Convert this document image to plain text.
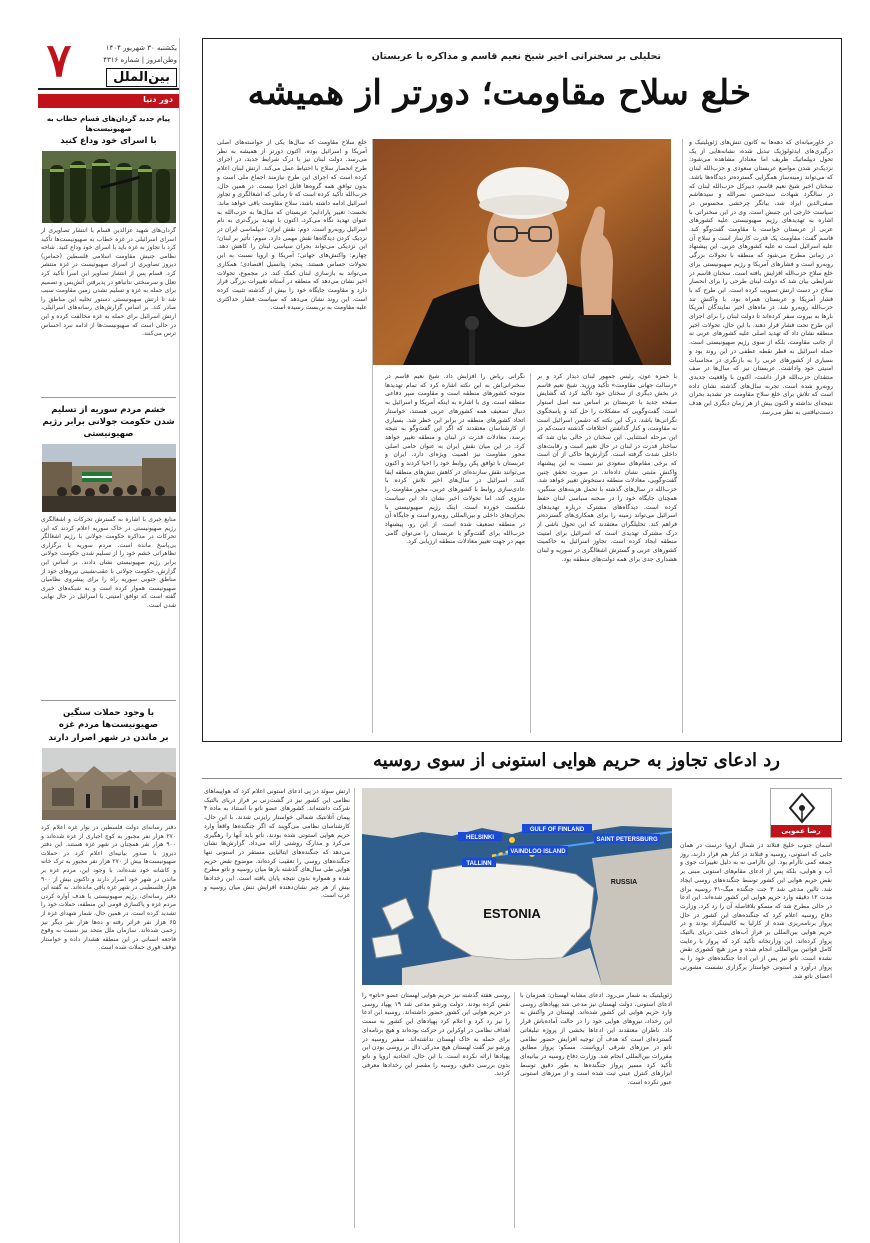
۷	یکشنبه ۳۰ شهریور ۱۴۰۴
وطن‌امروز | شماره ۴۳۱۶
بین‌الملل
دور دنیا
پیام جدید گردان‌های قسام خطاب به صهیونیست‌ها
با اسرای خود وداع کنید
گردان‌های شهید عزالدین قسام با انتشار تصاویری از اسرای اسرائیلی در غزه خطاب به صهیونیست‌ها تأکید کرد با تجاوز به غزه باید با اسرای خود وداع کنید. شاخه نظامی جنبش مقاومت اسلامی فلسطین (حماس) دیروز تصاویری از اسرای صهیونیست در غزه منتشر کرد. قسام پس از انتشار تصاویر این اسرا تأکید کرد تعلل و سرسختی نتانیاهو در پذیرفتن آتش‌بس و تصمیم برای حمله به غزه و تسلیم نشدن زمین مقاومت سبب شد تا ارتش صهیونیستی دستور تخلیه این مناطق را صادر کند. بر اساس گزارش‌های رسانه‌های اسرائیلی، ارتش اسرائیل برای حمله به غزه مخالفت کرده و این در حالی است که صهیونیست‌ها از ادامه نبرد احساس ترس می‌کنند.
خشم مردم سوریه از تسلیم شدن حکومت جولانی برابر رژیم صهیونیستی
منابع خبری با اشاره به گسترش تحرکات و اشغالگری رژیم صهیونیستی در خاک سوریه اعلام کردند که این تحرکات در مذاکره حکومت جولانی با رژیم اشغالگر بی‌پاسخ مانده است. مردم سوریه با برگزاری تظاهراتی خشم خود را از تسلیم شدن حکومت جولانی برابر رژیم صهیونیستی نشان دادند. بر اساس این گزارش، حکومت جولانی با عقب‌نشینی نیروهای خود از مناطق جنوبی سوریه راه را برای پیشروی نظامیان صهیونیست هموار کرده است و به شبکه‌های خبری گفته است که توافق امنیتی با اسرائیل در حال نهایی شدن است.
با وجود حملات سنگین صهیونیست‌ها مردم غزه
بر ماندن در شهر اصرار دارند
دفتر رسانه‌ای دولت فلسطین در نوار غزه اعلام کرد ۲۷۰ هزار نفر مجبور به کوچ اجباری از غزه شده‌اند و ۹۰۰ هزار نفر همچنان در شهر غزه هستند. این دفتر دیروز با صدور بیانیه‌ای اعلام کرد در حملات صهیونیست‌ها بیش از ۲۷۰ هزار نفر مجبور به ترک خانه و کاشانه خود شده‌اند. با وجود این، مردم غزه بر ماندن در شهر خود اصرار دارند و تاکنون بیش از ۹۰۰ هزار فلسطینی در شهر غزه باقی مانده‌اند. به گفته این دفتر رسانه‌ای، رژیم صهیونیستی با هدف آواره کردن مردم غزه و پاکسازی قومی این منطقه، حملات خود را تشدید کرده است. در همین حال، شمار شهدای غزه از ۶۵ هزار نفر فراتر رفته و ده‌ها هزار نفر دیگر نیز زخمی شده‌اند. سازمان ملل متحد نیز نسبت به وقوع فاجعه انسانی در این منطقه هشدار داده و خواستار توقف فوری حملات شده است.
تحلیلی بر سخنرانی اخیر شیخ نعیم قاسم و مذاکره با عربستان
خلع سلاح مقاومت؛ دورتر از همیشه
در خاورمیانه‌ای که دهه‌ها به کانون تنش‌های ژئوپلیتیک و درگیری‌های ایدئولوژیک تبدیل شده، نشانه‌هایی از یک تحول دیپلماتیک ظریف اما معنادار مشاهده می‌شود: نزدیک‌تر شدن مواضع عربستان سعودی و حزب‌الله لبنان که می‌تواند زمینه‌ساز همگرایی گسترده‌تر دیدگاه‌ها باشد. سخنان اخیر شیخ نعیم قاسم، دبیرکل حزب‌الله لبنان که در سالگرد شهادت سیدحسن نصرالله و سیدهاشم صفی‌الدین ایراد شد، بیانگر چرخشی محسوس در سیاست خارجی این جنبش است. وی در این سخنرانی با اشاره به تهدیدهای رژیم صهیونیستی علیه کشورهای عربی از عربستان خواست با مقاومت گفت‌وگو کند. قاسم گفت: مقاومت یک قدرت کارساز است و سلاح آن علیه اسرائیل است نه علیه کشورهای عربی. این پیشنهاد در زمانی مطرح می‌شود که منطقه با تحولات بزرگی روبه‌رو است و فشارهای آمریکا و رژیم صهیونیستی برای خلع سلاح حزب‌الله افزایش یافته است. سخنان قاسم در شرایطی بیان شد که دولت لبنان طرحی را برای انحصار سلاح در دست ارتش تصویب کرده است. این طرح که با فشار آمریکا و عربستان همراه بود، با واکنش تند حزب‌الله روبه‌رو شد. در ماه‌های اخیر نمایندگان آمریکا بارها به بیروت سفر کرده‌اند تا دولت لبنان را برای اجرای این طرح تحت فشار قرار دهند. با این حال، تحولات اخیر منطقه نشان داد که تهدید اصلی علیه کشورهای عربی نه از جانب مقاومت، بلکه از سوی رژیم صهیونیستی است. حمله اسرائیل به قطر نقطه عطفی در این روند بود و بسیاری از کشورهای عربی را به بازنگری در محاسبات امنیتی خود واداشت. عربستان نیز که سال‌ها در صف منتقدان حزب‌الله قرار داشت، اکنون با واقعیت جدیدی روبه‌رو شده است. تجربه سال‌های گذشته نشان داده است که تلاش برای خلع سلاح مقاومت جز تشدید بحران نتیجه‌ای نداشته و اکنون بیش از هر زمان دیگری این هدف دست‌نیافتنی به نظر می‌رسد.
با حمزه عون، رئیس جمهور لبنان دیدار کرد و بر «رسالت جهانی مقاومت» تأکید ورزید. شیخ نعیم قاسم در بخش دیگری از سخنان خود تأکید کرد که گشایش صفحه جدید با عربستان بر اساس سه اصل استوار است: گفت‌وگویی که مشکلات را حل کند و پاسخگوی نگرانی‌ها باشد، درک این نکته که دشمن اسرائیل است نه مقاومت، و کنار گذاشتن اختلافات گذشته دست‌کم در این مرحله استثنایی. این سخنان در حالی بیان شد که ساختار قدرت در لبنان در حال تغییر است و رقابت‌های داخلی شدت گرفته است. گزارش‌ها حاکی از آن است که برخی مقام‌های سعودی نیز نسبت به این پیشنهاد واکنش مثبتی نشان داده‌اند. در صورت تحقق چنین گفت‌وگویی، معادلات منطقه دستخوش تغییر خواهد شد. حزب‌الله در سال‌های گذشته با تحمل هزینه‌های سنگین، همچنان جایگاه خود را در صحنه سیاسی لبنان حفظ کرده است. دیدگاه‌های مشترک درباره تهدیدهای اسرائیل می‌تواند زمینه را برای همکاری‌های گسترده‌تر فراهم کند. تحلیلگران معتقدند که این تحول ناشی از درک مشترک تهدیدی است که اسرائیل برای امنیت منطقه ایجاد کرده است. تجاوز اسرائیل به حاکمیت کشورهای عربی و گسترش اشغالگری در سوریه و لبنان هشداری جدی برای همه دولت‌های منطقه بود.
نگرانی ریاض را افزایش داد. شیخ نعیم قاسم در سخنرانی‌اش به این نکته اشاره کرد که تمام تهدیدها متوجه کشورهای منطقه است و مقاومت سپر دفاعی منطقه است. وی با اشاره به اینکه آمریکا و اسرائیل به دنبال تضعیف همه کشورهای عربی هستند، خواستار اتحاد کشورهای منطقه در برابر این خطر شد. بسیاری از کارشناسان معتقدند که اگر این گفت‌وگو به نتیجه برسد، معادلات قدرت در لبنان و منطقه تغییر خواهد کرد. در این میان نقش ایران به عنوان حامی اصلی محور مقاومت نیز اهمیت ویژه‌ای دارد. ایران و عربستان با توافق پکن روابط خود را احیا کردند و اکنون می‌توانند نقش سازنده‌ای در کاهش تنش‌های منطقه ایفا کنند. اسرائیل در سال‌های اخیر تلاش کرده با عادی‌سازی روابط با کشورهای عربی، محور مقاومت را منزوی کند، اما تحولات اخیر نشان داد این سیاست شکست خورده است. اینک رژیم صهیونیستی با بحران‌های داخلی و بین‌المللی روبه‌رو است و جایگاه آن در منطقه تضعیف شده است. از این رو، پیشنهاد حزب‌الله برای گفت‌وگو با عربستان را می‌توان گامی مهم در جهت تغییر معادلات منطقه ارزیابی کرد.
خلع سلاح مقاومت که سال‌ها یکی از خواسته‌های اصلی آمریکا و اسرائیل بوده، اکنون دورتر از همیشه به نظر می‌رسد. دولت لبنان نیز با درک شرایط جدید، در اجرای طرح انحصار سلاح با احتیاط عمل می‌کند. ارتش لبنان اعلام کرده است که اجرای این طرح نیازمند اجماع ملی است و بدون توافق همه گروه‌ها قابل اجرا نیست. در همین حال، حزب‌الله تأکید کرده است که تا زمانی که اشغالگری و تجاوز اسرائیل ادامه داشته باشد، سلاح مقاومت باقی خواهد ماند. نخست: تغییر پارادایم؛ عربستان که سال‌ها به حزب‌الله به عنوان تهدید نگاه می‌کرد، اکنون با تهدید بزرگ‌تری به نام اسرائیل روبه‌رو است. دوم: نقش ایران؛ دیپلماسی ایران در نزدیک کردن دیدگاه‌ها نقش مهمی دارد. سوم: تأثیر بر لبنان؛ این نزدیکی می‌تواند بحران سیاسی لبنان را کاهش دهد. چهارم: واکنش‌های جهانی؛ آمریکا و اروپا نسبت به این تحولات حساس هستند. پنجم: پتانسیل اقتصادی؛ همکاری می‌تواند به بازسازی لبنان کمک کند. در مجموع، تحولات اخیر نشان می‌دهد که منطقه در آستانه تغییرات بزرگی قرار دارد و مقاومت جایگاه خود را بیش از گذشته تثبیت کرده است. این روند نشان می‌دهد که سیاست فشار حداکثری علیه مقاومت به بن‌بست رسیده است.
رد ادعای تجاوز به حریم هوایی استونی از سوی روسیه
رضا عمویی
آسمان جنوب خلیج فنلاند در شمال اروپا درست در همان جایی که استونی، روسیه و فنلاند در کنار هم قرار دارند، روز جمعه کمی ناآرام بود. این ناآرامی نه به دلیل تغییرات جوی و آب و هوایی، بلکه پس از ادعای مقام‌های استونی مبنی بر نقض حریم هوایی این کشور توسط جنگنده‌های روسی ایجاد شد. تالین مدعی شد ۳ جت جنگنده میگ-۳۱ روسیه برای مدت ۱۲ دقیقه وارد حریم هوایی این کشور شده‌اند. این ادعا در حالی مطرح شد که مسکو بلافاصله آن را رد کرد. وزارت دفاع روسیه اعلام کرد که جنگنده‌های این کشور در حال پرواز برنامه‌ریزی شده از کارلیا به کالینینگراد بودند و در حریم هوایی بین‌المللی بر فراز آب‌های خنثی دریای بالتیک پرواز کرده‌اند. این وزارتخانه تأکید کرد که پرواز با رعایت کامل قوانین بین‌المللی انجام شده و مرز هیچ کشوری نقض نشده است. ناتو نیز پس از این ادعا جنگنده‌های خود را به پرواز درآورد و استونی خواستار برگزاری نشست مشورتی اعضای ناتو شد.
ESTONIA
HELSINKI
GULF OF FINLAND
VAINDLOO ISLAND
SAINT PETERSBURG
TALLINN
RUSSIA
ژئوپلیتیک به شمار می‌رود. ادعای مشابه لهستان: همزمان با ادعای استونی، دولت لهستان نیز مدعی شد پهپادهای روسی وارد حریم هوایی این کشور شده‌اند. لهستان در واکنش به این رخداد، نیروهای هوایی خود را در حالت آماده‌باش قرار داد. ناظران معتقدند این ادعاها بخشی از پروژه تبلیغاتی گسترده‌ای است که هدف آن توجیه افزایش حضور نظامی ناتو در مرزهای شرقی اروپاست. مسکو: پرواز مطابق مقررات بین‌المللی انجام شد. وزارت دفاع روسیه در بیانیه‌ای تأکید کرد مسیر پرواز جنگنده‌ها به طور دقیق توسط ابزارهای کنترل عینی ثبت شده است و از مرزهای استونی عبور نکرده است.
روسی هفته گذشته نیز حریم هوایی لهستان عضو «ناتو» را نقض کرده بودند. دولت ورشو مدعی شد ۱۹ پهپاد روسی در حریم هوایی این کشور حضور داشته‌اند. روسیه این ادعا را نیز رد کرد و اعلام کرد پهپادهای این کشور به سمت اهداف نظامی در اوکراین در حرکت بوده‌اند و هیچ برنامه‌ای برای حمله به خاک لهستان نداشته‌اند. سفیر روسیه در ورشو نیز گفت لهستان هیچ مدرکی دال بر روسی بودن این پهپادها ارائه نکرده است. با این حال، اتحادیه اروپا و ناتو بدون بررسی دقیق، روسیه را مقصر این رخدادها معرفی کردند.
ارتش سوئد در پی ادعای استونی اعلام کرد که هواپیماهای نظامی این کشور نیز در گشت‌زنی بر فراز دریای بالتیک شرکت داشته‌اند. کشورهای عضو ناتو با استناد به ماده ۴ پیمان آتلانتیک شمالی خواستار رایزنی شدند. با این حال، کارشناسان نظامی می‌گویند که اگر جنگنده‌ها واقعاً وارد حریم هوایی استونی شده بودند، ناتو باید آنها را رهگیری می‌کرد و مدارک روشنی ارائه می‌داد. گزارش‌ها نشان می‌دهد که جنگنده‌های ایتالیایی مستقر در استونی تنها جنگنده‌های روسی را تعقیب کرده‌اند. موضوع نقض حریم هوایی طی سال‌های گذشته بارها میان روسیه و ناتو مطرح شده و همواره بدون نتیجه پایان یافته است. این رخدادها بیش از هر چیز نشان‌دهنده افزایش تنش میان روسیه و غرب است.
